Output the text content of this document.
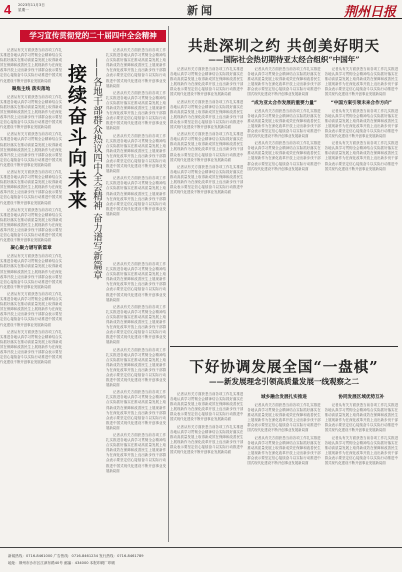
4 2023年11月3日
星期一	新闻	荆州日报
学习宣传贯彻党的二十届四中全会精神

记者从有关方面获悉当前各项工作扎实推进各地认真学习贯彻全会精神结合实际抓好落实在推动高质量发展上取得新成效在保障和改善民生上展现新作为在深化改革开放上迈出新步伐干部群众表示要坚定信心接续奋斗以实际行动推进中国式现代化建设不断开创事业发展新局面

聚焦主线 落实落地

记者从有关方面获悉当前各项工作扎实推进各地认真学习贯彻全会精神结合实际抓好落实在推动高质量发展上取得新成效在保障和改善民生上展现新作为在深化改革开放上迈出新步伐干部群众表示要坚定信心接续奋斗以实际行动推进中国式现代化建设不断开创事业发展新局面

记者从有关方面获悉当前各项工作扎实推进各地认真学习贯彻全会精神结合实际抓好落实在推动高质量发展上取得新成效在保障和改善民生上展现新作为在深化改革开放上迈出新步伐干部群众表示要坚定信心接续奋斗以实际行动推进中国式现代化建设不断开创事业发展新局面

记者从有关方面获悉当前各项工作扎实推进各地认真学习贯彻全会精神结合实际抓好落实在推动高质量发展上取得新成效在保障和改善民生上展现新作为在深化改革开放上迈出新步伐干部群众表示要坚定信心接续奋斗以实际行动推进中国式现代化建设不断开创事业发展新局面

记者从有关方面获悉当前各项工作扎实推进各地认真学习贯彻全会精神结合实际抓好落实在推动高质量发展上取得新成效在保障和改善民生上展现新作为在深化改革开放上迈出新步伐干部群众表示要坚定信心接续奋斗以实际行动推进中国式现代化建设不断开创事业发展新局面

凝心聚力谱写新篇章

记者从有关方面获悉当前各项工作扎实推进各地认真学习贯彻全会精神结合实际抓好落实在推动高质量发展上取得新成效在保障和改善民生上展现新作为在深化改革开放上迈出新步伐干部群众表示要坚定信心接续奋斗以实际行动推进中国式现代化建设不断开创事业发展新局面

记者从有关方面获悉当前各项工作扎实推进各地认真学习贯彻全会精神结合实际抓好落实在推动高质量发展上取得新成效在保障和改善民生上展现新作为在深化改革开放上迈出新步伐干部群众表示要坚定信心接续奋斗以实际行动推进中国式现代化建设不断开创事业发展新局面

记者从有关方面获悉当前各项工作扎实推进各地认真学习贯彻全会精神结合实际抓好落实在推动高质量发展上取得新成效在保障和改善民生上展现新作为在深化改革开放上迈出新步伐干部群众表示要坚定信心接续奋斗以实际行动推进中国式现代化建设不断开创事业发展新局面

接续奋斗向未来 ——各地干部群众热议四中全会精神 奋力谱写新篇章

记者从有关方面获悉当前各项工作扎实推进各地认真学习贯彻全会精神结合实际抓好落实在推动高质量发展上取得新成效在保障和改善民生上展现新作为在深化改革开放上迈出新步伐干部群众表示要坚定信心接续奋斗以实际行动推进中国式现代化建设不断开创事业发展新局面

记者从有关方面获悉当前各项工作扎实推进各地认真学习贯彻全会精神结合实际抓好落实在推动高质量发展上取得新成效在保障和改善民生上展现新作为在深化改革开放上迈出新步伐干部群众表示要坚定信心接续奋斗以实际行动推进中国式现代化建设不断开创事业发展新局面

记者从有关方面获悉当前各项工作扎实推进各地认真学习贯彻全会精神结合实际抓好落实在推动高质量发展上取得新成效在保障和改善民生上展现新作为在深化改革开放上迈出新步伐干部群众表示要坚定信心接续奋斗以实际行动推进中国式现代化建设不断开创事业发展新局面

记者从有关方面获悉当前各项工作扎实推进各地认真学习贯彻全会精神结合实际抓好落实在推动高质量发展上取得新成效在保障和改善民生上展现新作为在深化改革开放上迈出新步伐干部群众表示要坚定信心接续奋斗以实际行动推进中国式现代化建设不断开创事业发展新局面

记者从有关方面获悉当前各项工作扎实推进各地认真学习贯彻全会精神结合实际抓好落实在推动高质量发展上取得新成效在保障和改善民生上展现新作为在深化改革开放上迈出新步伐干部群众表示要坚定信心接续奋斗以实际行动推进中国式现代化建设不断开创事业发展新局面

记者从有关方面获悉当前各项工作扎实推进各地认真学习贯彻全会精神结合实际抓好落实在推动高质量发展上取得新成效在保障和改善民生上展现新作为在深化改革开放上迈出新步伐干部群众表示要坚定信心接续奋斗以实际行动推进中国式现代化建设不断开创事业发展新局面

记者从有关方面获悉当前各项工作扎实推进各地认真学习贯彻全会精神结合实际抓好落实在推动高质量发展上取得新成效在保障和改善民生上展现新作为在深化改革开放上迈出新步伐干部群众表示要坚定信心接续奋斗以实际行动推进中国式现代化建设不断开创事业发展新局面

记者从有关方面获悉当前各项工作扎实推进各地认真学习贯彻全会精神结合实际抓好落实在推动高质量发展上取得新成效在保障和改善民生上展现新作为在深化改革开放上迈出新步伐干部群众表示要坚定信心接续奋斗以实际行动推进中国式现代化建设不断开创事业发展新局面

记者从有关方面获悉当前各项工作扎实推进各地认真学习贯彻全会精神结合实际抓好落实在推动高质量发展上取得新成效在保障和改善民生上展现新作为在深化改革开放上迈出新步伐干部群众表示要坚定信心接续奋斗以实际行动推进中国式现代化建设不断开创事业发展新局面

共赴深圳之约 共创美好明天
——国际社会热切期待亚太经合组织“中国年”

记者从有关方面获悉当前各项工作扎实推进各地认真学习贯彻全会精神结合实际抓好落实在推动高质量发展上取得新成效在保障和改善民生上展现新作为在深化改革开放上迈出新步伐干部群众表示要坚定信心接续奋斗以实际行动推进中国式现代化建设不断开创事业发展新局面

记者从有关方面获悉当前各项工作扎实推进各地认真学习贯彻全会精神结合实际抓好落实在推动高质量发展上取得新成效在保障和改善民生上展现新作为在深化改革开放上迈出新步伐干部群众表示要坚定信心接续奋斗以实际行动推进中国式现代化建设不断开创事业发展新局面

记者从有关方面获悉当前各项工作扎实推进各地认真学习贯彻全会精神结合实际抓好落实在推动高质量发展上取得新成效在保障和改善民生上展现新作为在深化改革开放上迈出新步伐干部群众表示要坚定信心接续奋斗以实际行动推进中国式现代化建设不断开创事业发展新局面

记者从有关方面获悉当前各项工作扎实推进各地认真学习贯彻全会精神结合实际抓好落实在推动高质量发展上取得新成效在保障和改善民生上展现新作为在深化改革开放上迈出新步伐干部群众表示要坚定信心接续奋斗以实际行动推进中国式现代化建设不断开创事业发展新局面

记者从有关方面获悉当前各项工作扎实推进各地认真学习贯彻全会精神结合实际抓好落实在推动高质量发展上取得新成效在保障和改善民生上展现新作为在深化改革开放上迈出新步伐干部群众表示要坚定信心接续奋斗以实际行动推进中国式现代化建设不断开创事业发展新局面

“成为亚太合作发展的重要力量”

记者从有关方面获悉当前各项工作扎实推进各地认真学习贯彻全会精神结合实际抓好落实在推动高质量发展上取得新成效在保障和改善民生上展现新作为在深化改革开放上迈出新步伐干部群众表示要坚定信心接续奋斗以实际行动推进中国式现代化建设不断开创事业发展新局面

记者从有关方面获悉当前各项工作扎实推进各地认真学习贯彻全会精神结合实际抓好落实在推动高质量发展上取得新成效在保障和改善民生上展现新作为在深化改革开放上迈出新步伐干部群众表示要坚定信心接续奋斗以实际行动推进中国式现代化建设不断开创事业发展新局面

记者从有关方面获悉当前各项工作扎实推进各地认真学习贯彻全会精神结合实际抓好落实在推动高质量发展上取得新成效在保障和改善民生上展现新作为在深化改革开放上迈出新步伐干部群众表示要坚定信心接续奋斗以实际行动推进中国式现代化建设不断开创事业发展新局面

“中国方案引领未来合作方向”

记者从有关方面获悉当前各项工作扎实推进各地认真学习贯彻全会精神结合实际抓好落实在推动高质量发展上取得新成效在保障和改善民生上展现新作为在深化改革开放上迈出新步伐干部群众表示要坚定信心接续奋斗以实际行动推进中国式现代化建设不断开创事业发展新局面

记者从有关方面获悉当前各项工作扎实推进各地认真学习贯彻全会精神结合实际抓好落实在推动高质量发展上取得新成效在保障和改善民生上展现新作为在深化改革开放上迈出新步伐干部群众表示要坚定信心接续奋斗以实际行动推进中国式现代化建设不断开创事业发展新局面

下好协调发展全国“一盘棋”
——新发展理念引领高质量发展一线观察之二

记者从有关方面获悉当前各项工作扎实推进各地认真学习贯彻全会精神结合实际抓好落实在推动高质量发展上取得新成效在保障和改善民生上展现新作为在深化改革开放上迈出新步伐干部群众表示要坚定信心接续奋斗以实际行动推进中国式现代化建设不断开创事业发展新局面

记者从有关方面获悉当前各项工作扎实推进各地认真学习贯彻全会精神结合实际抓好落实在推动高质量发展上取得新成效在保障和改善民生上展现新作为在深化改革开放上迈出新步伐干部群众表示要坚定信心接续奋斗以实际行动推进中国式现代化建设不断开创事业发展新局面

城乡融合发展扎实推进

记者从有关方面获悉当前各项工作扎实推进各地认真学习贯彻全会精神结合实际抓好落实在推动高质量发展上取得新成效在保障和改善民生上展现新作为在深化改革开放上迈出新步伐干部群众表示要坚定信心接续奋斗以实际行动推进中国式现代化建设不断开创事业发展新局面

记者从有关方面获悉当前各项工作扎实推进各地认真学习贯彻全会精神结合实际抓好落实在推动高质量发展上取得新成效在保障和改善民生上展现新作为在深化改革开放上迈出新步伐干部群众表示要坚定信心接续奋斗以实际行动推进中国式现代化建设不断开创事业发展新局面

协同发展区域优势互补

记者从有关方面获悉当前各项工作扎实推进各地认真学习贯彻全会精神结合实际抓好落实在推动高质量发展上取得新成效在保障和改善民生上展现新作为在深化改革开放上迈出新步伐干部群众表示要坚定信心接续奋斗以实际行动推进中国式现代化建设不断开创事业发展新局面

记者从有关方面获悉当前各项工作扎实推进各地认真学习贯彻全会精神结合实际抓好落实在推动高质量发展上取得新成效在保障和改善民生上展现新作为在深化改革开放上迈出新步伐干部群众表示要坚定信心接续奋斗以实际行动推进中国式现代化建设不断开创事业发展新局面

新闻热线：0716-8461000 广告热线：0716-8461234 发行热线：0716-8461789
地址：荆州市沙市区江津东路40号 邮编：434000 本报印刷厂印刷
